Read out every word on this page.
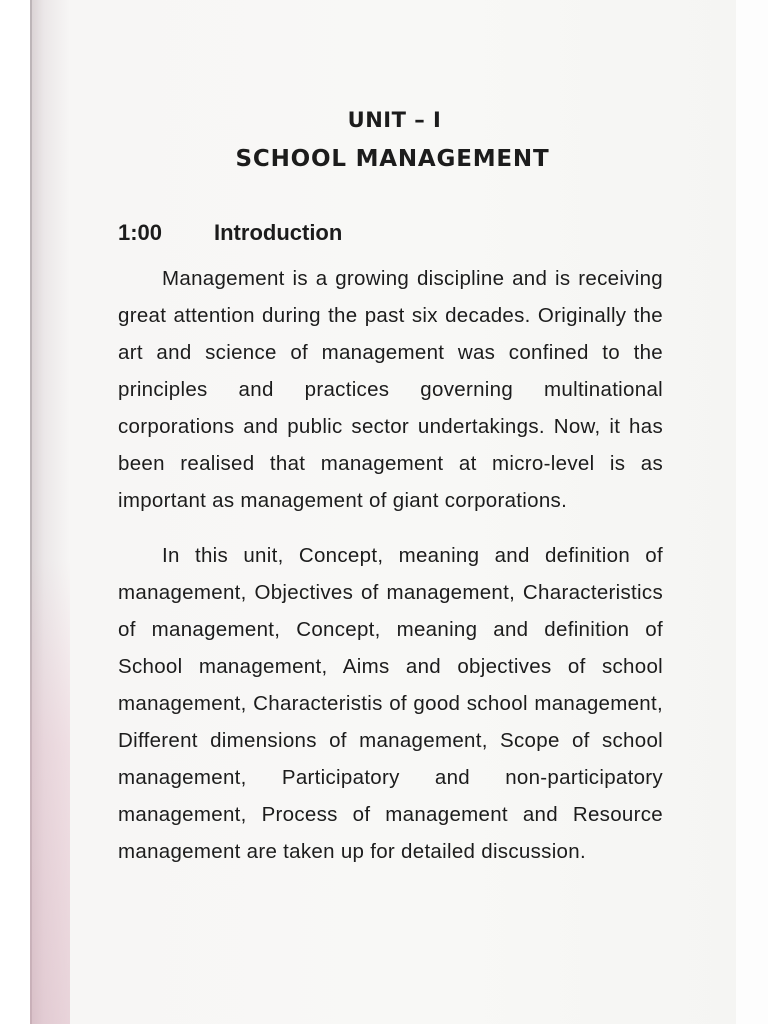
UNIT – I

SCHOOL MANAGEMENT

1:00	Introduction

Management is a growing discipline and is receiving great attention during the past six decades. Originally the art and science of management was confined to the principles and practices governing multinational corporations and public sector undertakings. Now, it has been realised that management at micro-level is as important as management of giant corporations.

In this unit, Concept, meaning and definition of management, Objectives of management, Characteristics of management, Concept, meaning and definition of School management, Aims and objectives of school management, Characteristis of good school management, Different dimensions of management, Scope of school management, Participatory and non-participatory management, Process of management and Resource management are taken up for detailed discussion.
